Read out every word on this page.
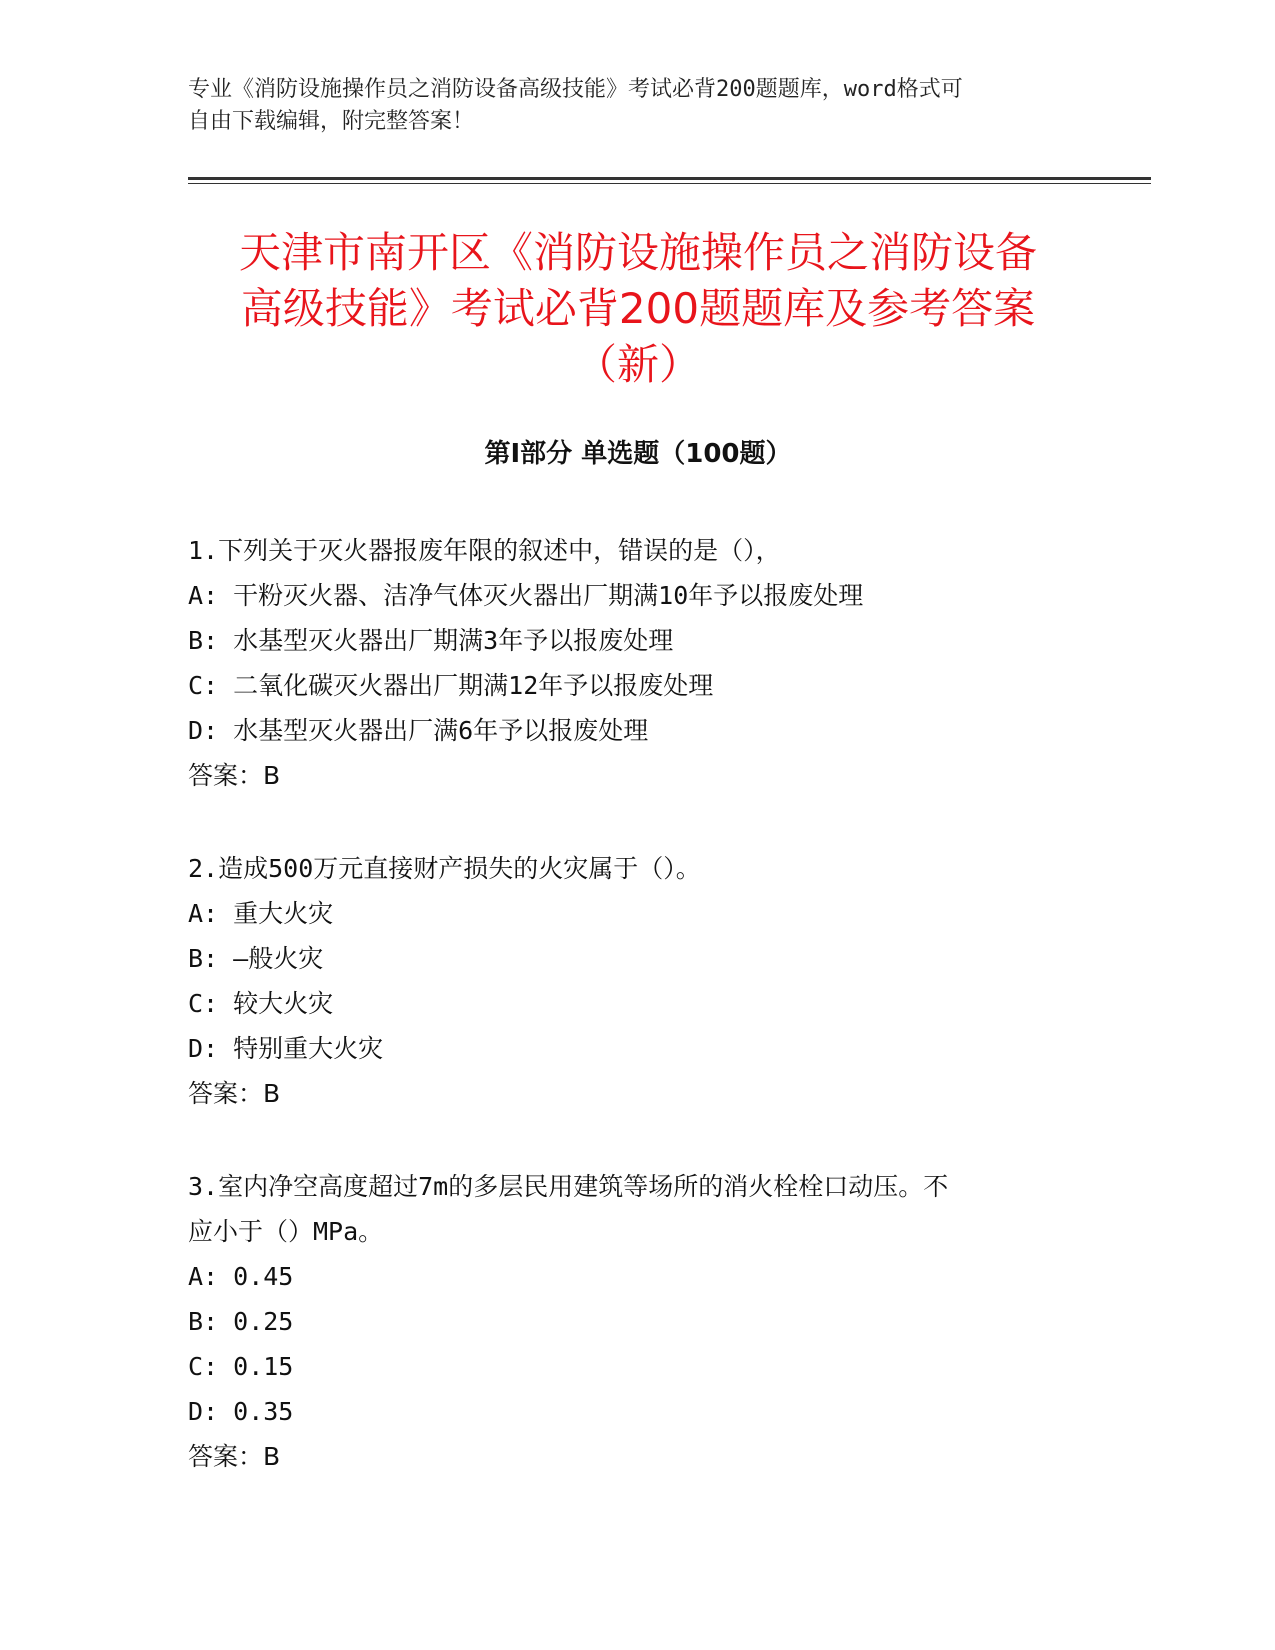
专业《消防设施操作员之消防设备高级技能》考试必背200题题库，word格式可
自由下载编辑，附完整答案！
天津市南开区《消防设施操作员之消防设备
高级技能》考试必背200题题库及参考答案
（新）
第I部分 单选题（100题）

1.下列关于灭火器报废年限的叙述中，错误的是（），

A: 干粉灭火器、洁净气体灭火器出厂期满10年予以报废处理

B: 水基型灭火器出厂期满3年予以报废处理

C: 二氧化碳灭火器出厂期满12年予以报废处理

D: 水基型灭火器出厂满6年予以报废处理

答案：B

2.造成500万元直接财产损失的火灾属于（）。

A: 重大火灾

B: —般火灾

C: 较大火灾

D: 特别重大火灾

答案：B

3.室内净空高度超过7m的多层民用建筑等场所的消火栓栓口动压。不

应小于（）MPa。

A: 0.45

B: 0.25

C: 0.15

D: 0.35

答案：B
